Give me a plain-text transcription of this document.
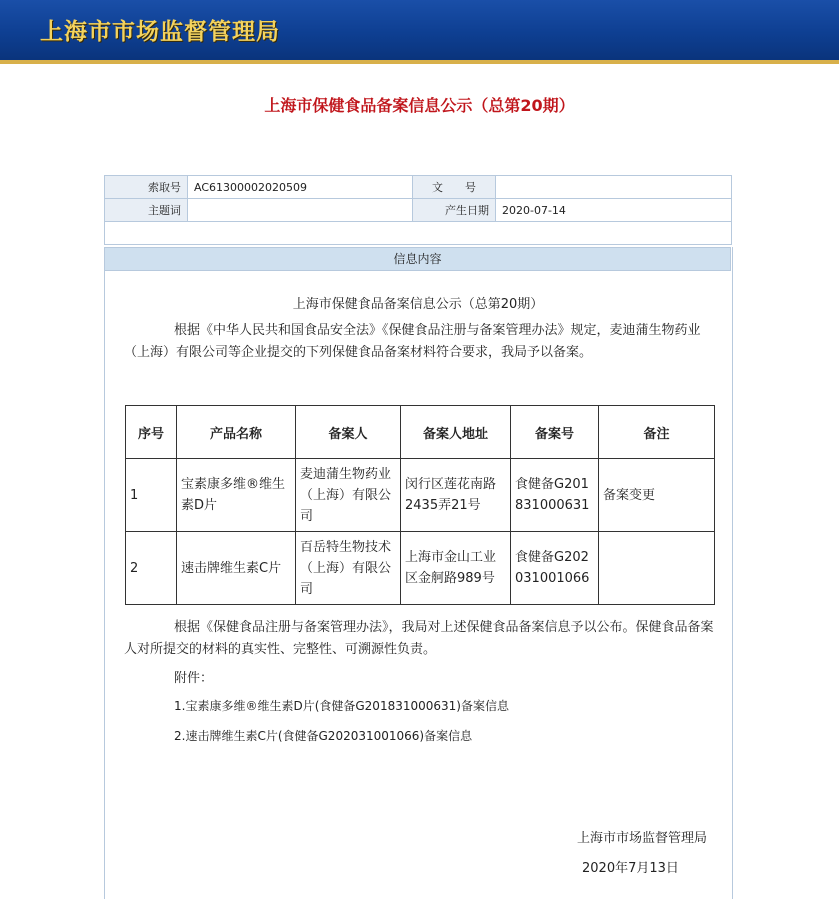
上海市市场监督管理局
上海市保健食品备案信息公示（总第20期）
索取号	AC61300002020509	文　　号	
主题词		产生日期	2020-07-14

信息内容
上海市保健食品备案信息公示（总第20期）

根据《中华人民共和国食品安全法》《保健食品注册与备案管理办法》规定，麦迪蒲生物药业（上海）有限公司等企业提交的下列保健食品备案材料符合要求，我局予以备案。

序号	产品名称	备案人	备案人地址	备案号	备注
1	宝素康多维®维生素D片	麦迪蒲生物药业（上海）有限公司	闵行区莲花南路2435弄21号	食健备G201831000631	备案变更
2	速击牌维生素C片	百岳特生物技术（上海）有限公司	上海市金山工业区金舸路989号	食健备G202031001066	

根据《保健食品注册与备案管理办法》，我局对上述保健食品备案信息予以公布。保健食品备案人对所提交的材料的真实性、完整性、可溯源性负责。

附件：
1.宝素康多维®维生素D片(食健备G201831000631)备案信息
2.速击牌维生素C片(食健备G202031001066)备案信息
上海市市场监督管理局
2020年7月13日
